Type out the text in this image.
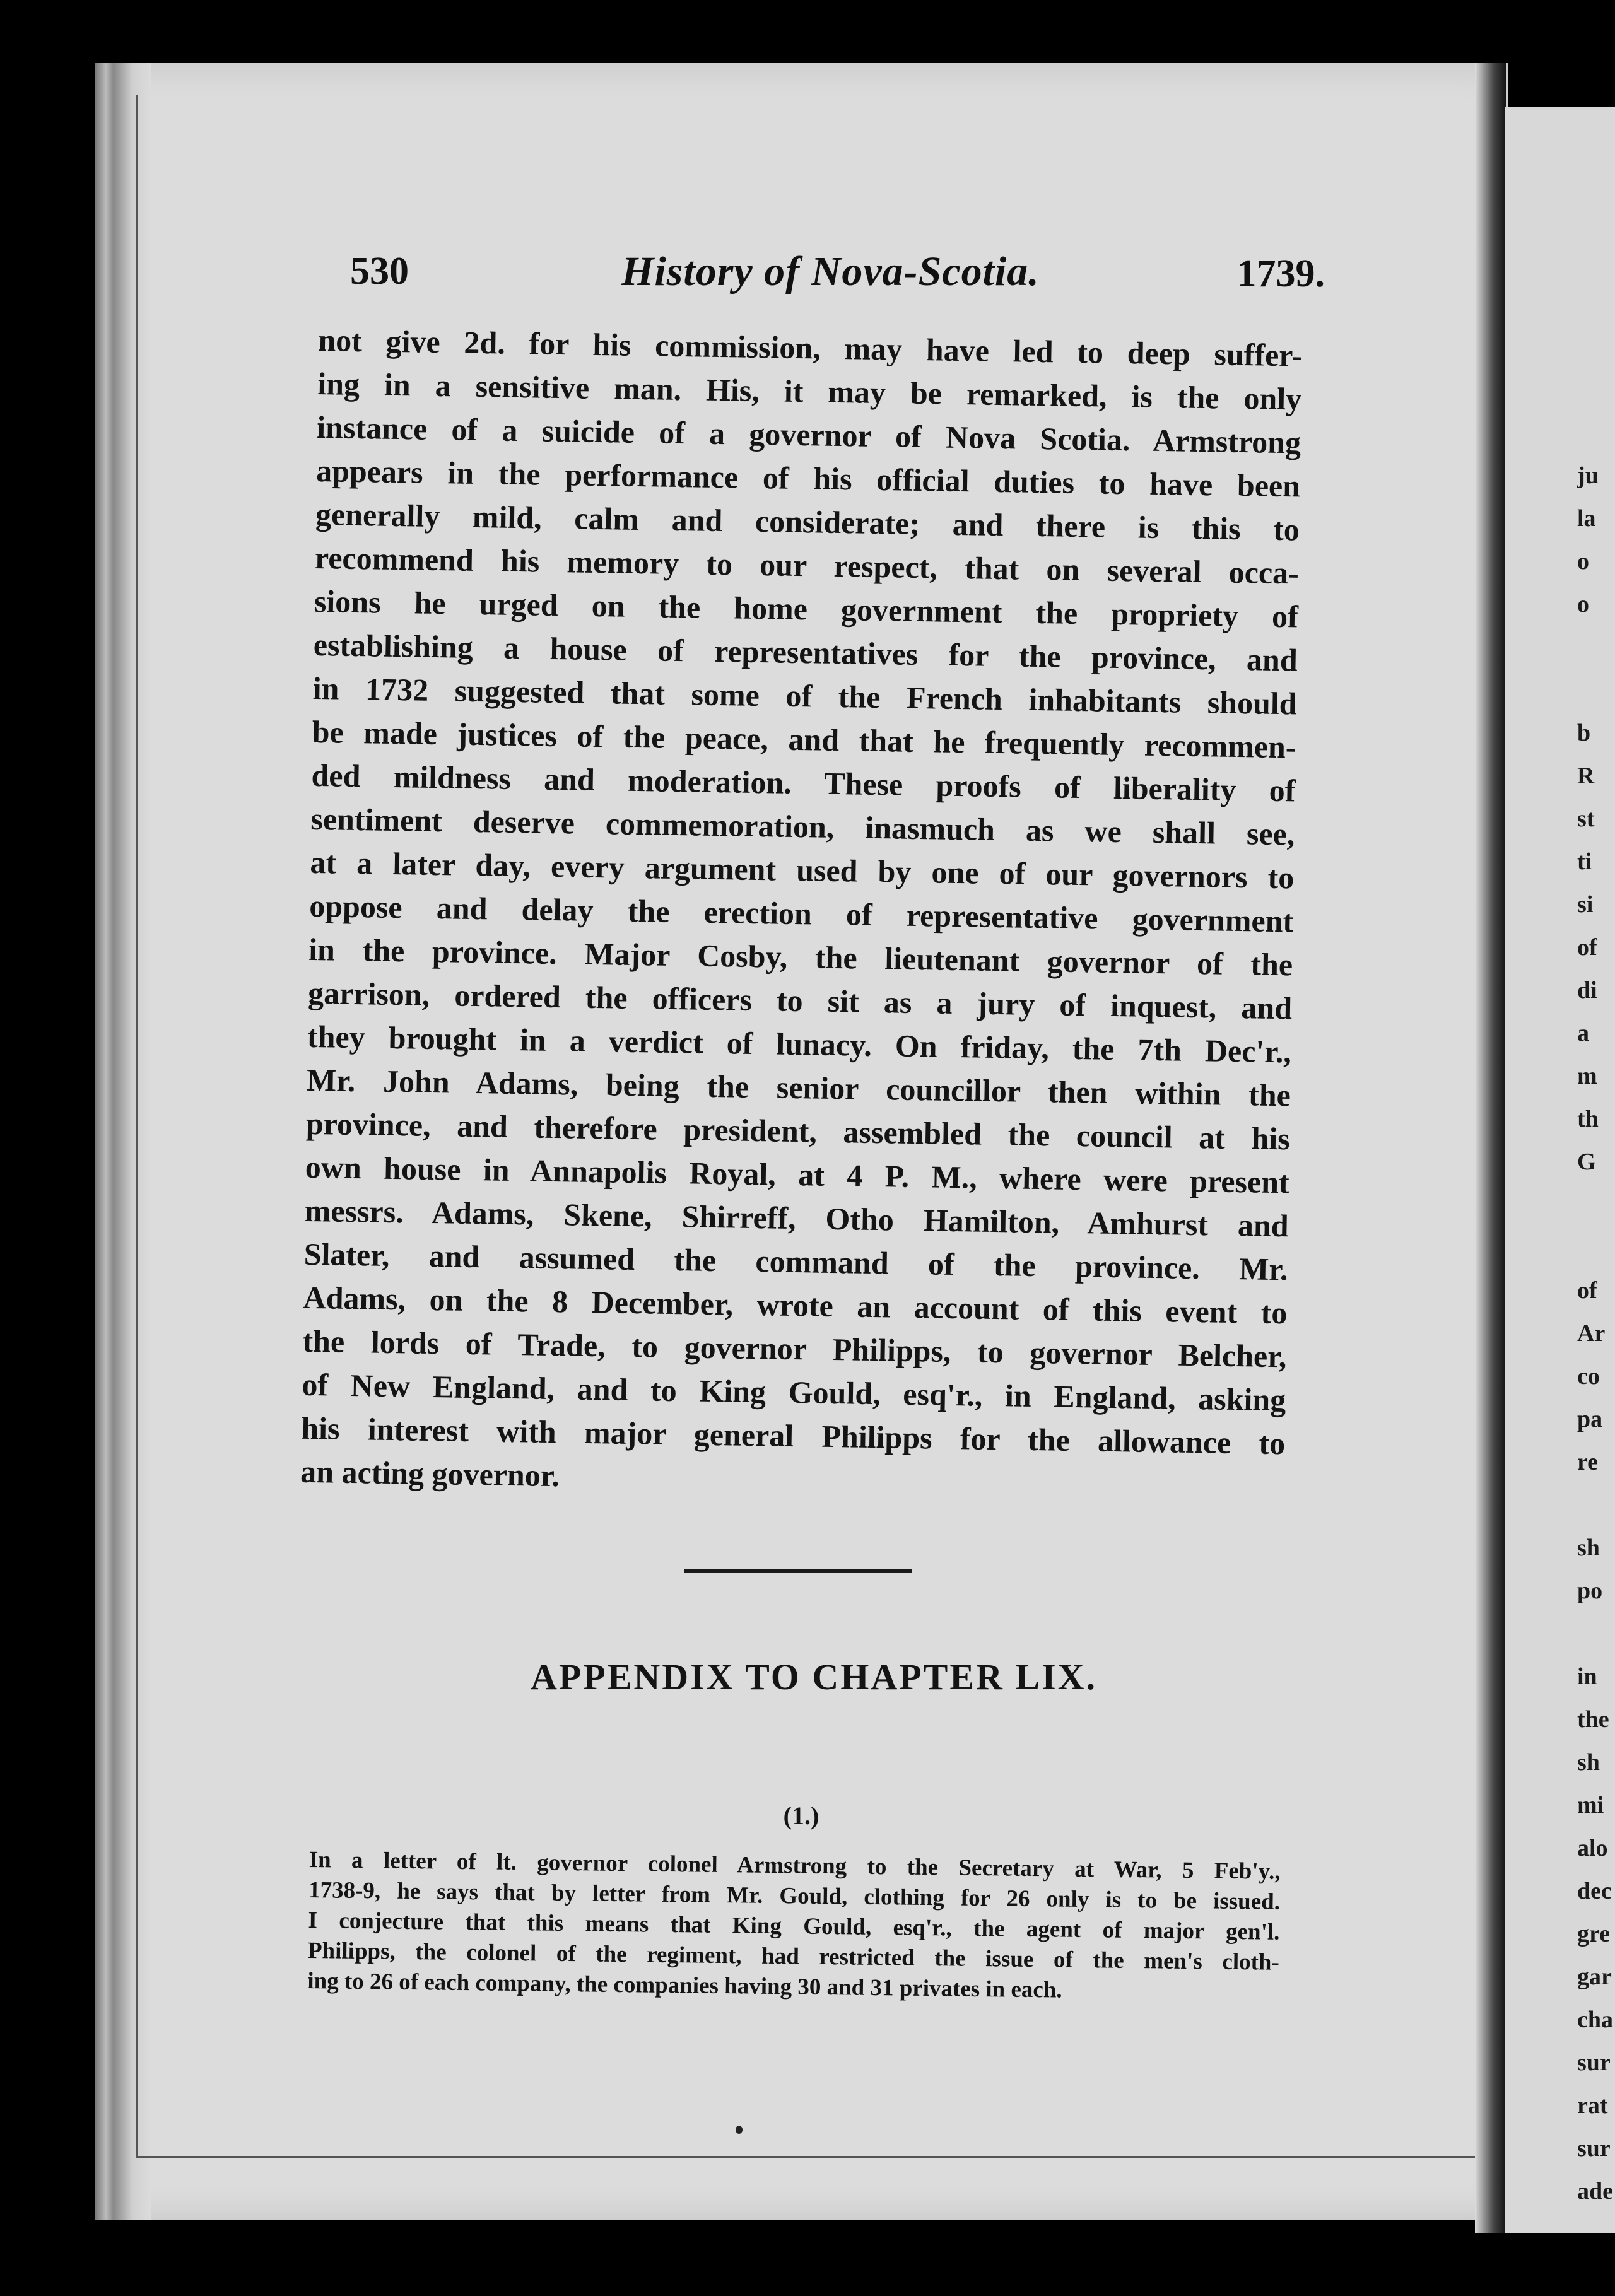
ju
la
o
o
b
R
st
ti
si
of
di
a
m
th
G
of
Ar
co
pa
re
sh
po
in
the
sh
mi
alo
dec
gre
gar
cha
sur
rat
sur
ade
530	History of Nova-Scotia.	1739.
not give 2d. for his commission, may have led to deep suffer-
ing in a sensitive man. His, it may be remarked, is the only
instance of a suicide of a governor of Nova Scotia. Armstrong
appears in the performance of his official duties to have been
generally mild, calm and considerate; and there is this to
recommend his memory to our respect, that on several occa-
sions he urged on the home government the propriety of
establishing a house of representatives for the province, and
in 1732 suggested that some of the French inhabitants should
be made justices of the peace, and that he frequently recommen-
ded mildness and moderation. These proofs of liberality of
sentiment deserve commemoration, inasmuch as we shall see,
at a later day, every argument used by one of our governors to
oppose and delay the erection of representative government
in the province. Major Cosby, the lieutenant governor of the
garrison, ordered the officers to sit as a jury of inquest, and
they brought in a verdict of lunacy. On friday, the 7th Dec'r.,
Mr. John Adams, being the senior councillor then within the
province, and therefore president, assembled the council at his
own house in Annapolis Royal, at 4 P. M., where were present
messrs. Adams, Skene, Shirreff, Otho Hamilton, Amhurst and
Slater, and assumed the command of the province. Mr.
Adams, on the 8 December, wrote an account of this event to
the lords of Trade, to governor Philipps, to governor Belcher,
of New England, and to King Gould, esq'r., in England, asking
his interest with major general Philipps for the allowance to
an acting governor.
APPENDIX TO CHAPTER LIX.
(1.)
In a letter of lt. governor colonel Armstrong to the Secretary at War, 5 Feb'y.,
1738-9, he says that by letter from Mr. Gould, clothing for 26 only is to be issued.
I conjecture that this means that King Gould, esq'r., the agent of major gen'l.
Philipps, the colonel of the regiment, had restricted the issue of the men's cloth-
ing to 26 of each company, the companies having 30 and 31 privates in each.
